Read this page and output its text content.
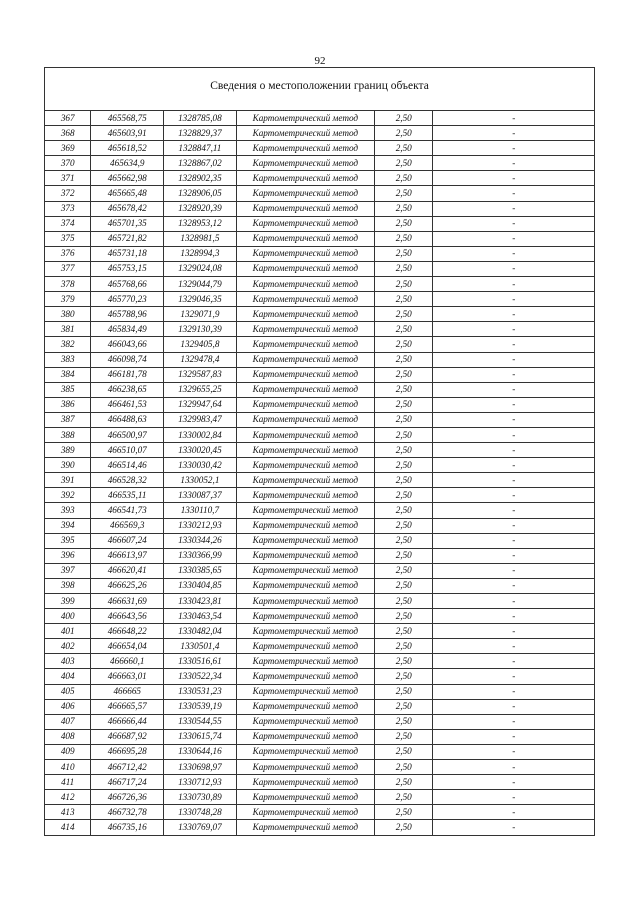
92
Сведения о местоположении границ объекта					
367	465568,75	1328785,08	Картометрический метод	2,50	-
368	465603,91	1328829,37	Картометрический метод	2,50	-
369	465618,52	1328847,11	Картометрический метод	2,50	-
370	465634,9	1328867,02	Картометрический метод	2,50	-
371	465662,98	1328902,35	Картометрический метод	2,50	-
372	465665,48	1328906,05	Картометрический метод	2,50	-
373	465678,42	1328920,39	Картометрический метод	2,50	-
374	465701,35	1328953,12	Картометрический метод	2,50	-
375	465721,82	1328981,5	Картометрический метод	2,50	-
376	465731,18	1328994,3	Картометрический метод	2,50	-
377	465753,15	1329024,08	Картометрический метод	2,50	-
378	465768,66	1329044,79	Картометрический метод	2,50	-
379	465770,23	1329046,35	Картометрический метод	2,50	-
380	465788,96	1329071,9	Картометрический метод	2,50	-
381	465834,49	1329130,39	Картометрический метод	2,50	-
382	466043,66	1329405,8	Картометрический метод	2,50	-
383	466098,74	1329478,4	Картометрический метод	2,50	-
384	466181,78	1329587,83	Картометрический метод	2,50	-
385	466238,65	1329655,25	Картометрический метод	2,50	-
386	466461,53	1329947,64	Картометрический метод	2,50	-
387	466488,63	1329983,47	Картометрический метод	2,50	-
388	466500,97	1330002,84	Картометрический метод	2,50	-
389	466510,07	1330020,45	Картометрический метод	2,50	-
390	466514,46	1330030,42	Картометрический метод	2,50	-
391	466528,32	1330052,1	Картометрический метод	2,50	-
392	466535,11	1330087,37	Картометрический метод	2,50	-
393	466541,73	1330110,7	Картометрический метод	2,50	-
394	466569,3	1330212,93	Картометрический метод	2,50	-
395	466607,24	1330344,26	Картометрический метод	2,50	-
396	466613,97	1330366,99	Картометрический метод	2,50	-
397	466620,41	1330385,65	Картометрический метод	2,50	-
398	466625,26	1330404,85	Картометрический метод	2,50	-
399	466631,69	1330423,81	Картометрический метод	2,50	-
400	466643,56	1330463,54	Картометрический метод	2,50	-
401	466648,22	1330482,04	Картометрический метод	2,50	-
402	466654,04	1330501,4	Картометрический метод	2,50	-
403	466660,1	1330516,61	Картометрический метод	2,50	-
404	466663,01	1330522,34	Картометрический метод	2,50	-
405	466665	1330531,23	Картометрический метод	2,50	-
406	466665,57	1330539,19	Картометрический метод	2,50	-
407	466666,44	1330544,55	Картометрический метод	2,50	-
408	466687,92	1330615,74	Картометрический метод	2,50	-
409	466695,28	1330644,16	Картометрический метод	2,50	-
410	466712,42	1330698,97	Картометрический метод	2,50	-
411	466717,24	1330712,93	Картометрический метод	2,50	-
412	466726,36	1330730,89	Картометрический метод	2,50	-
413	466732,78	1330748,28	Картометрический метод	2,50	-
414	466735,16	1330769,07	Картометрический метод	2,50	-
